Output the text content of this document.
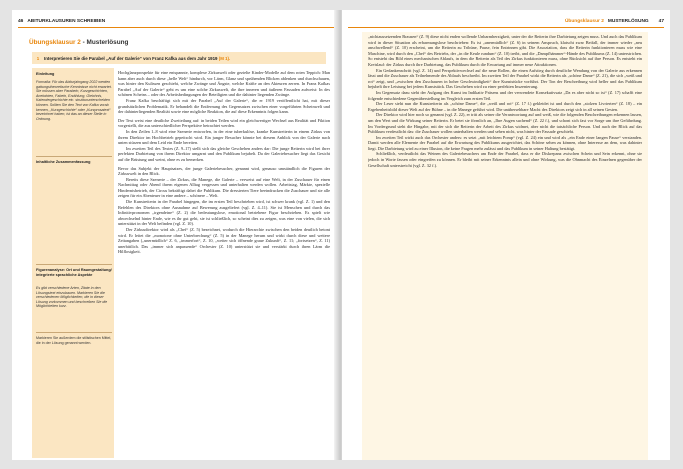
46 ABITURKLAUSUREN SCHREIBEN
Übungsklausur 2 - Musterlösung
1	Interpretieren Sie die Parabel „Auf der Galerie“ von Franz Kafka aus dem Jahr 1919
(M 1).
Einleitung
Formalia: Für das Abiturjahrgang 2022 werden gattungstheoretische Kenntnisse nicht erwartet. Sie müssen aber Parabeln, Kurzgeschichten, Anekdoten, Fabeln, Erzählung, Gleichnis, Kalendergeschichte etc. strukturunterscheiden können. Sollten Sie den Text von Kafka vorab kennen, „Kurzgeschichte“ oder „Kurzprosatext“ bezeichnet haben, ist das an dieser Stelle in Ordnung.
Inhaltliche Zusammenfassung
Figurenanalyse: Ort und Raumgestaltung/ integrierte sprachliche Aspekte
Es gibt verschiedene Arten, Zitate in den Lösungstext einzubauen. Markieren Sie die verschiedenen Möglichkeiten, die in dieser Lösung vorkommen und beschreiben Sie die Möglichkeiten kurz.
Markieren Sie außerdem die stilistischen Mittel, die in der Lösung genannt werden.

Hochglanzprospekte für eine entspannte, komplexe Zirkuswelt oder gezielte Kinder-Modelle auf dem roten Teppich: Man kann aber auch durch diese „helle Welt“ hindurch, vor Lärm, Glanz und sprühenden Blicken ablenken und durchschauen, was hinter den Kulissen geschieht, welche Zwänge und Ängste, welche Kräfte an den Akteuren zerren. In Franz Kafkas Parabel „Auf der Galerie“ geht es um eine solche Zirkuswelt, die ihre inneren und äußeren Fassaden aufweist: In des schönen Scheins – oder des Arbeitsbedingungen der Beteiligten und die dahinter liegenden Zwänge.

Franz Kafka beschäftigt sich mit der Parabel „Auf der Galerie“, die er 1919 veröffentlicht hat, mit dieser grundsätzlichen Problematik. Er behandelt die Entfernung des Gegensatzes zwischen einer vorgeführten Scheinwelt und der dahinterliegenden Realität sowie eine mögliche Reaktion, die auf diese Erkenntnis folgen kann.

Der Text weist eine deutliche Zweiteilung auf: in beiden Teilen wird ein gleichwertiger Wechsel aus Realität und Fiktion vorgestellt, die aus unterschiedlicher Perspektive betrachtet werden.

In den Zeilen 1–8 wird eine Szenerie entworfen, in der eine tuberkulöse, kranke Kunstreiterin in einem Zirkus von ihrem Direktor im Hochbetrieb gepeitscht wird. Ein junger Besucher könnte bei diesem Anblick von der Galerie nach unten stürzen und dem Leid ein Ende bereiten.

Im zweiten Teil des Textes (Z. 9–17) stellt sich das gleiche Geschehen anders dar: Die junge Reiterin wird bei ihrer perfekten Darbietung von ihrem Direktor umgarnt und den Publikum bejubelt. Da der Galeriebesucher liegt das Gesicht auf die Brüstung und weint, ohne es zu bemerken.

Bevor das Subjekt der Hauptsatzes, der junge Galeriebesucher, genannt wird, genauso umständlich die Figuren der Zirkuswelt in den Blick.

Bereits diese Szenerie – der Zirkus, die Manege, die Galerie – verweist auf eine Welt, in der Zuschauer für einen Nachmittag oder Abend ihrem eigenen Alltag vergessen und unterhalten werden wollen. Arbeitstag, Märkte, spezielle Hindernisbetrieb, der Circus bekräftigt dabei die Publikum. Die dressierten Tiere beeindrucken die Zuschauer und sie alle zeigen für ein Abenteuer in eine andere – schönere – Welt.

Die Kunstreiterin in der Parabel hingegen, die im ersten Teil beschrieben wird, ist schwer krank (vgl. Z. 1) und den Befehlen des Direktors ohne Ausnahme auf Bewerung ausgeliefert (vgl. Z. 4–11). Sie ist Menschen und durch das Infinitivpronomen „irgendeine“ (Z. 2) die bedeutungslose, emotional betriebene Figur beschrieben. Es spielt wie abwechselnd hinter Ende, wie es ihr gut geht, sie ist schließlich, so scheint dies zu zeigen, was eine von vielen, die sich unterstützt in der Welt befinden (vgl. Z. 10).

Der Zirkusdirektor wird als „Chef“ (Z. 5) bezeichnet, wodurch die Hierarchie zwischen den beiden deutlich betont wird. Er leitet die „monotone ohne Unterbrechung“ (Z. 5) in der Manege herum und wirkt durch diese und weitere Zeitangaben („unermüdlich“ Z. 6, „immerfort“, Z. 10, „weiter sich öffnende graue Zukunft“, Z. 11; „fortsetzen“, Z. 11) unerbittlich. Das „immer sich anpassende“ Orchester (Z. 10) unterstützt sie und verstärkt durch ihren Lärm die Hilflosigkeit.

Übungsklausur 2 MUSTERLÖSUNG 47

„nichtaussetzenden Brausen“ (Z. 9) diese nicht enden wollende Unbarmherzigkeit, unter der die Reiterin ihre Darbietung zeigen muss. Und auch das Publikum wird in dieser Situation als erbarmungslose beschrieben: Es ist „unermüdlich“ (Z. 6) in seinem Anspruch, klatscht zwar Beifall, der immer wieder „neu anschwellend“ (Z. 10) erscheint, um die Reiterin zu Tribüne, Pause, fein Entrinnen gibt. Die Assoziation, dass die Reiterin funktionieren muss wie eine Maschine, wird durch den „Chef“ des Betriebs, der „in die Keule rundum“ (Z. 10) treibt, und die „Dampfhämmer“-Hände des Publikums (Z. 14) unterstrichen. So entsteht das Bild eines mechanischen Ablaufs, in dem die Reiterin als Teil des Zirkus funktionieren muss, ohne Rücksicht auf ihre Person. Es entsteht ein Kreislauf: der Zirkus durch ihre Darbietung, das Publikum durch die Erwartung auf immer neue Attraktionen.

Ein Gedankenschritt (vgl. Z. 14) und Perspektivwechsel auf die neue Rollen, die einen Aufstieg durch deutliche Wendung von der Galerie aus erkennen lässt und die Zuschauer als Teilnehmende des Ablaufs beschreibt. Im zweiten Teil der Parabel wirkt die Reiterin als „schöne Dame“ (Z. 21), die sich „weiß und rot“ zeigt, und „zwischen den Zuschauern in hoher Geschwindigkeit“ ihre Kunststücke vorführt. Der Ton der Beschreibung wird heller und das Publikum bejubelt ihre Leistung bei jedem Kunststück. Das Geschehen wird zu einer perfekten Inszenierung.

Im Gegensatz dazu steht der Aufgang des Kunst im Indikativ Präsens und der verwendete Konsekutivsatz „Da es aber nicht so ist“ (Z. 17) schafft eine folgende entschiedene Gegenüberstellung im Vergleich zum ersten Teil.

Der Leser sieht nun die Kunstreiterin als „schöne Dame“, die „weiß und rot“ (Z. 17 f.) gekleidet ist und durch den „stolzen Livrierten“ (Z. 18) – ein Ergebenheitsbild dieser Welt auf der Bühne – in die Manege geführt wird. Die unübersehbare Macht des Direktors zeigt sich in all seinen Gesten.

Der Direktor wird hier noch so genannt (vgl. Z. 22), er tritt als seiner die Verantwortung auf und weiß, wie die folgenden Beschreibungen erkennen lassen, um den Wert und die Wirkung seiner Reiterin. Er betet sie förmlich an, „Ihre Augen suchend“ (Z. 22 f.), und schont sich fast vor Sorge um ihre Gefährdung. Im Vordergrund steht die Hingabe, mit der sich die Reiterin der Arbeit des Zirkus widmet, aber nicht die tatsächliche Person. Und auch der Blick auf das Publikum verdeutlicht das: die Zuschauer wollen unterhalten werden und sehen nicht, was hinter der Fassade geschieht.

Im zweiten Teil wirkt auch das Orchester anders: es setzt „mit leichtem Pomp“ (vgl. Z. 24) ein und wird als „ein Ende einer langen Pause“ verstanden. Damit werden alle Elemente der Parabel auf die Erwartung des Publikums ausgerichtet, das Schöne sehen zu können, ohne Interesse an dem, was dahinter liegt. Die Darbietung wird zu einer Illusion, die keine Fragen mehr zulässt und das Publikum in seiner Haltung bestätigt.

Schließlich, verdeutlicht das Weinen des Galeriebesuchers am Ende der Parabel, dass er die Diskrepanz zwischen Schein und Sein erkennt, ohne sie jedoch in Worte fassen oder eingreifen zu können. Er bleibt mit seiner Erkenntnis allein und ohne Wirkung, was die Ohnmacht des Einzelnen gegenüber der Gesellschaft unterstreicht (vgl. Z. 32 f.).
